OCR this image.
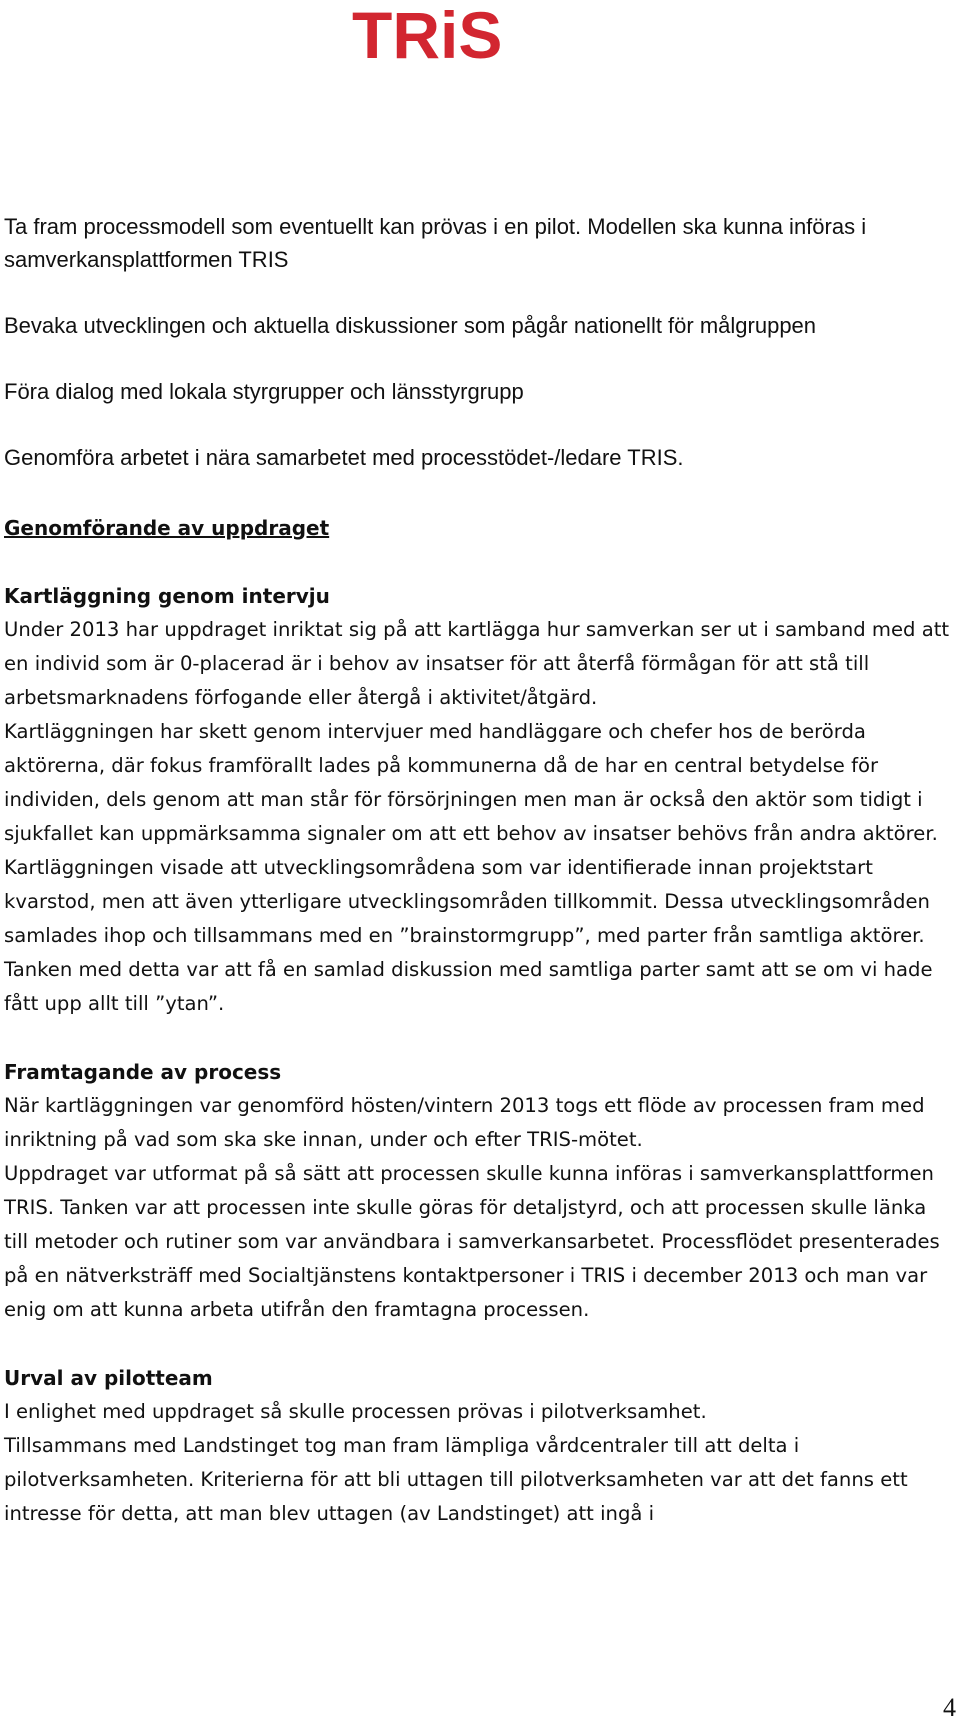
TRiS

Ta fram processmodell som eventuellt kan prövas i en pilot. Modellen ska kunna införas i samverkansplattformen TRIS

Bevaka utvecklingen och aktuella diskussioner som pågår nationellt för målgruppen

Föra dialog med lokala styrgrupper och länsstyrgrupp

Genomföra arbetet i nära samarbetet med processtödet-/ledare TRIS.

Genomförande av uppdraget
Kartläggning genom intervju

Under 2013 har uppdraget inriktat sig på att kartlägga hur samverkan ser ut i samband med att en individ som är 0-placerad är i behov av insatser för att återfå förmågan för att stå till arbetsmarknadens förfogande eller återgå i aktivitet/åtgärd.

Kartläggningen har skett genom intervjuer med handläggare och chefer hos de berörda aktörerna, där fokus framförallt lades på kommunerna då de har en central betydelse för individen, dels genom att man står för försörjningen men man är också den aktör som tidigt i sjukfallet kan uppmärksamma signaler om att ett behov av insatser behövs från andra aktörer.

Kartläggningen visade att utvecklingsområdena som var identifierade innan projektstart kvarstod, men att även ytterligare utvecklingsområden tillkommit. Dessa utvecklingsområden samlades ihop och tillsammans med en ”brainstormgrupp”, med parter från samtliga aktörer. Tanken med detta var att få en samlad diskussion med samtliga parter samt att se om vi hade fått upp allt till ”ytan”.

Framtagande av process

När kartläggningen var genomförd hösten/vintern 2013 togs ett flöde av processen fram med inriktning på vad som ska ske innan, under och efter TRIS-mötet.

Uppdraget var utformat på så sätt att processen skulle kunna införas i samverkansplattformen TRIS. Tanken var att processen inte skulle göras för detaljstyrd, och att processen skulle länka till metoder och rutiner som var användbara i samverkansarbetet. Processflödet presenterades på en nätverksträff med Socialtjänstens kontaktpersoner i TRIS i december 2013 och man var enig om att kunna arbeta utifrån den framtagna processen.

Urval av pilotteam

I enlighet med uppdraget så skulle processen prövas i pilotverksamhet.

Tillsammans med Landstinget tog man fram lämpliga vårdcentraler till att delta i pilotverksamheten. Kriterierna för att bli uttagen till pilotverksamheten var att det fanns ett intresse för detta, att man blev uttagen (av Landstinget) att ingå i

4
